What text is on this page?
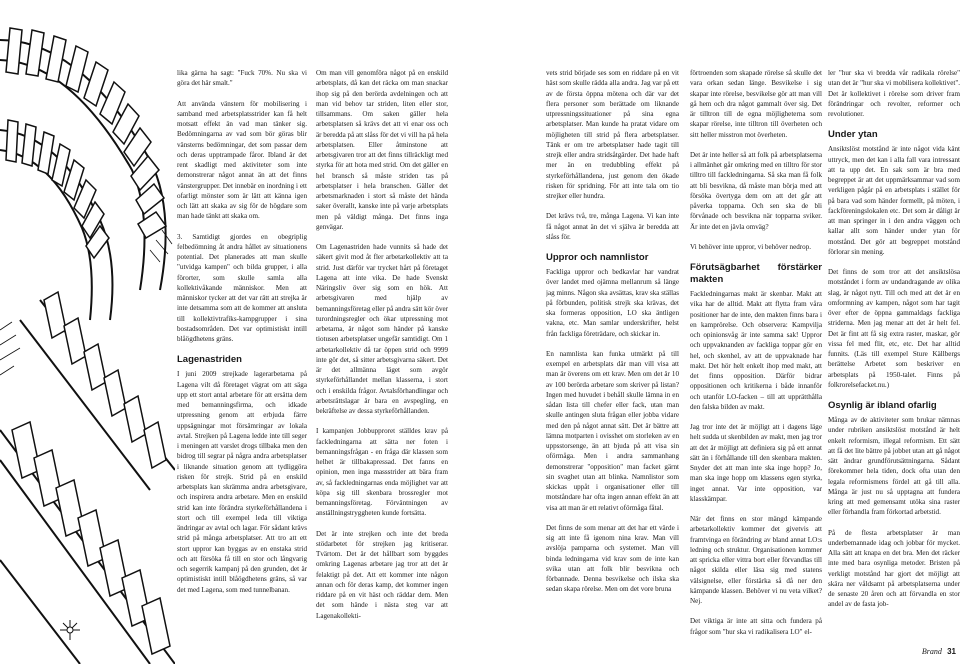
lika gärna ha sagt: "Fuck 70%. Nu ska vi göra det här smalt."

Att använda vänstern för mobilisering i samband med arbetsplatsstrider kan få helt motsatt effekt än vad man tänker sig. Bedömningarna av vad som bör göras blir vänsterns bedömningar, det som passar dem och deras upptrampade fåror. Ibland är det rent skadligt med aktiviteter som inte demonstrerar något annat än att det finns vänstergrupper. Det innebär en inordning i ett ofarligt mönster som är lätt att känna igen och lätt att skaka av sig för de högdare som man hade tänkt att skaka om.

3. Samtidigt gjordes en obegriplig felbedömning åt andra hållet av situationens potential. Det planerades att man skulle "utvidga kampen" och bilda grupper, i alla förorter, som skulle samla alla kollektivåkande människor. Men att människor tycker att det var rätt att strejka är inte detsamma som att de kommer att ansluta till kollektivtrafiks-kampgrupper i sina bostadsområden. Det var optimistiskt intill blåögdhetens gräns.

Lagenastriden

I juni 2009 strejkade lagerarbetarna på Lagena vilt då företaget vägrat om att säga upp ett stort antal arbetare för att ersätta dem med bemanningsfirma, och idkade utpressning genom att erbjuda färre uppsägningar mot försämringar av lokala avtal. Strejken på Lagena ledde inte till seger i meningen att varslet drogs tillbaka men den bidrog till segrar på några andra arbetsplatser i liknande situation genom att tydliggöra risken för strejk. Strid på en enskild arbetsplats kan skrämma andra arbetsgivare, och inspirera andra arbetare. Men en enskild strid kan inte förändra styrkeförhållandena i stort och till exempel leda till viktiga ändringar av avtal och lagar. För sådant krävs strid på många arbetsplatser. Att tro att ett stort uppror kan byggas av en enstaka strid och att försöka få till en stor och långvarig och segerrik kampanj på den grunden, det är optimistiskt intill blåögdhetens gräns, så var det med Lagena, som med tunnelbanan.

Om man vill genomföra något på en enskild arbetsplats, då kan det räcka om man snackar ihop sig på den berörda avdelningen och att man vid behov tar striden, liten eller stor, tillsammans. Om saken gäller hela arbetsplatsen så krävs det att vi enar oss och är beredda på att slåss för det vi vill ha på hela arbetsplatsen. Eller åtminstone att arbetsgivaren tror att det finns tillräckligt med styrka för att hota med strid. Om det gäller en hel bransch så måste striden tas på arbetsplatser i hela branschen. Gäller det arbetsmarknaden i stort så måste det hända saker överallt, kanske inte på varje arbetsplats men på väldigt många. Det finns inga genvägar.

Om Lagenastriden hade vunnits så hade det säkert givit mod åt fler arbetarkollektiv att ta strid. Just därför var trycket hårt på företaget Lagena att inte vika. De hade Svenskt Näringsliv över sig som en hök. Att arbetsgivaren med hjälp av bemanningsföretag eller på andra sätt kör över turordningsregler och ökar utpressning mot arbetarna, är något som händer på kanske tiotusen arbetsplatser ungefär samtidigt. Om 1 arbetarkollektiv då tar öppen strid och 9999 inte gör det, så sitter arbetsgivarna säkert. Det är det allmänna läget som avgör styrkeförhållandet mellan klasserna, i stort och i enskilda frågor. Avtalsförhandlingar och arbetsrättslagar är bara en avspegling, en bekräftelse av dessa styrkeförhållanden.

I kampanjen Jobbupproret ställdes krav på fackledningarna att sätta ner foten i bemanningsfrågan - en fråga där klassen som helhet är tillbakapressad. Det fanns en opinion, men inga massstrider att bära fram av, så fackledningarnas enda möjlighet var att köpa sig till skenbara brossregler mot bemanningsföretag. Förväntningen av anställningstryggheten kunde fortsätta.

Det är inte strejken och inte det breda stödarbetet för strejken jag kritiserar. Tvärtom. Det är det hållbart som byggdes omkring Lagenas arbetare jag tror att det är felaktigt på det. Att ett kommer inte någon annan och för deras kamp, det kommer ingen riddare på en vit häst och räddar dem. Men det som hände i nästa steg var att Lagenakollekti-

vets strid började ses som en riddare på en vit häst som skulle rädda alla andra. Jag var på ett av de första öppna mötena och där var det flera personer som berättade om liknande utpressningssituationer på sina egna arbetsplatser. Man kunde ha pratat vidare om möjligheten till strid på flera arbetsplatser. Tänk er om tre arbetsplatser hade tagit till strejk eller andra stridsåtgärder. Det hade haft mer än en tredubbling effekt på styrkeförhållandena, just genom den ökade risken för spridning. För att inte tala om tio strejker eller hundra.

Det krävs två, tre, många Lagena. Vi kan inte få något annat än det vi själva är beredda att slåss för.

Uppror och namnlistor

Fackliga uppror och bedkavlar har vandrat över landet med ojämna mellanrum så länge jag minns. Någon ska avsättas, krav ska ställas på förbunden, politisk strejk ska krävas, det ska formeras opposition, LO ska äntligen vakna, etc. Man samlar underskrifter, helst från fackliga företrädare, och skickar in.

En namnlista kan funka utmärkt på till exempel en arbetsplats där man vill visa att man är överens om ett krav. Men om det är 10 av 100 berörda arbetare som skriver på listan? Ingen med huvudet i behåll skulle lämna in en sådan lista till chefer eller fack, utan man skulle antingen sluta frågan eller jobba vidare med den på något annat sätt. Det är bättre att lämna motparten i ovisshet om storleken av en uppsstorsenge, än att bjuda på att visa sin oförmåga. Men i andra sammanhang demonstrerar "opposition" man facket gärnt sin svaghet utan att blinka. Namnlistor som skickas uppåt i organisationer eller till motståndare har ofta ingen annan effekt än att visa att man är ett relativt oförmåga fåtal.

Det finns de som menar att det har ett värde i sig att inte få igenom nina krav. Man vill avslöja pamparna och systemet. Man vill binda ledningarna vid krav som de inte kan svika utan att folk blir besvikna och förbannade. Denna besvikelse och ilska ska sedan skapa rörelse. Men om det vore bruna

förtroenden som skapade rörelse så skulle det vara orkan sedan länge. Besvikelse i sig skapar inte rörelse, besvikelse gör att man vill gå hem och dra något gammalt över sig. Det är tilltron till de egna möjligheterna som skapar rörelse, inte tilltron till överheten och sitt heller misstron mot överheten.

Det är inte heller så att folk på arbetsplatserna i allmänhet går omkring med en tilltro för stor tilltro till fackledningarna. Så ska man få folk att bli besvikna, då måste man börja med att försöka övertyga dem om att det går att påverka topparna. Och sen ska de bli förvånade och besvikna när topparna sviker. Är inte det en jävla omväg?

Vi behöver inte uppror, vi behöver nedrop.

Förutsägbarhet förstärker makten

Fackledningarnas makt är skenbar. Makt att vika har de alltid. Makt att flytta fram våra positioner har de inte, den makten finns bara i en kamprörelse. Och observera: Kampvilja och opinionsvåg är inte samma sak! Uppror och uppvaknanden av fackliga toppar gör en hel, och skenhel, av att de uppvaknade har makt. Det hör helt enkelt ihop med makt, att det finns opposition. Därför bidrar oppositionen och kritikerna i både innanför och utanför LO-facken – till att upprätthålla den falska bilden av makt.

Jag tror inte det är möjligt att i dagens läge helt sudda ut skenbilden av makt, men jag tror att det är möjligt att definiera sig på ett annat sätt än i förhållande till den skenbara makten. Snyder det att man inte ska inge hopp? Jo, man ska inge hopp om klassens egen styrka, inget annat. Var inte opposition, var klasskämpar.

När det finns en stor mängd kämpande arbetarkollektiv kommer det givetvis att framtvinga en förändring av bland annat LO:s ledning och struktur. Organisationen kommer att spricka eller vittra bort eller förvandlas till något skilda eller läsa sig med statens välsignelse, eller förstärka så då ner den kämpande klassen. Behöver vi nu veta vilket? Nej.

Det viktiga är inte att sitta och fundera på frågor som "hur ska vi radikalisera LO" el-

ler "hur ska vi bredda vår radikala rörelse" utan det är "hur ska vi mobilisera kollektivet". Det är kollektivet i rörelse som driver fram förändringar och revolter, reformer och revolutioner.

Under ytan

Ansiktslöst motstånd är inte något vida känt uttryck, men det kan i alla fall vara intressant att ta upp det. En sak som är bra med begreppet är att det uppmärksammar vad som verkligen pågår på en arbetsplats i stället för på bara vad som händer formellt, på möten, i fackföreningslokalen etc. Det som är dåligt är att man springer in i den andra väggen och kallar allt som händer under ytan för motstånd. Det gör att begreppet motstånd förlorar sin mening.

Det finns de som tror att det ansiktslösa motståndet i form av undandragande av olika slag, är något nytt. Till och med att det är en omformning av kampen, något som har tagit över efter de öppna gammaldags fackliga striderna. Men jag menar att det är helt fel. Det är fint att få sig extra raster, maskar, gör vissa fel med flit, etc, etc. Det har alltid funnits. (Läs till exempel Sture Källbergs berättelse Arbetet som beskriver en arbetsplats på 1950-talet. Finns på folkrorelsefacket.nu.)

Osynlig är ibland ofarlig

Många av de aktiviteter som brukar nämnas under rubriken ansiktslöst motstånd är helt enkelt reformism, illegal reformism. Ett sätt att få det lite bättre på jobbet utan att gå något sätt ändrar grundförutsättningarna. Sådant förekommer hela tiden, dock ofta utan den legala reformismens fördel att gå till alla. Många är just nu så upptagna att fundera kring att med gemensamt utöka sina raster eller förhandla fram förkortad arbetstid.

På de flesta arbetsplatser är man underbemannade idag och jobbar för mycket. Alla sätt att knapa en det bra. Men det räcker inte med bara osynliga metoder. Bristen på verkligt motstånd har gjort det möjligt att skära ner våldsamt på arbetsplatserna under de senaste 20 åren och att förvandla en stor andel av de fasta job-

Brand 31
